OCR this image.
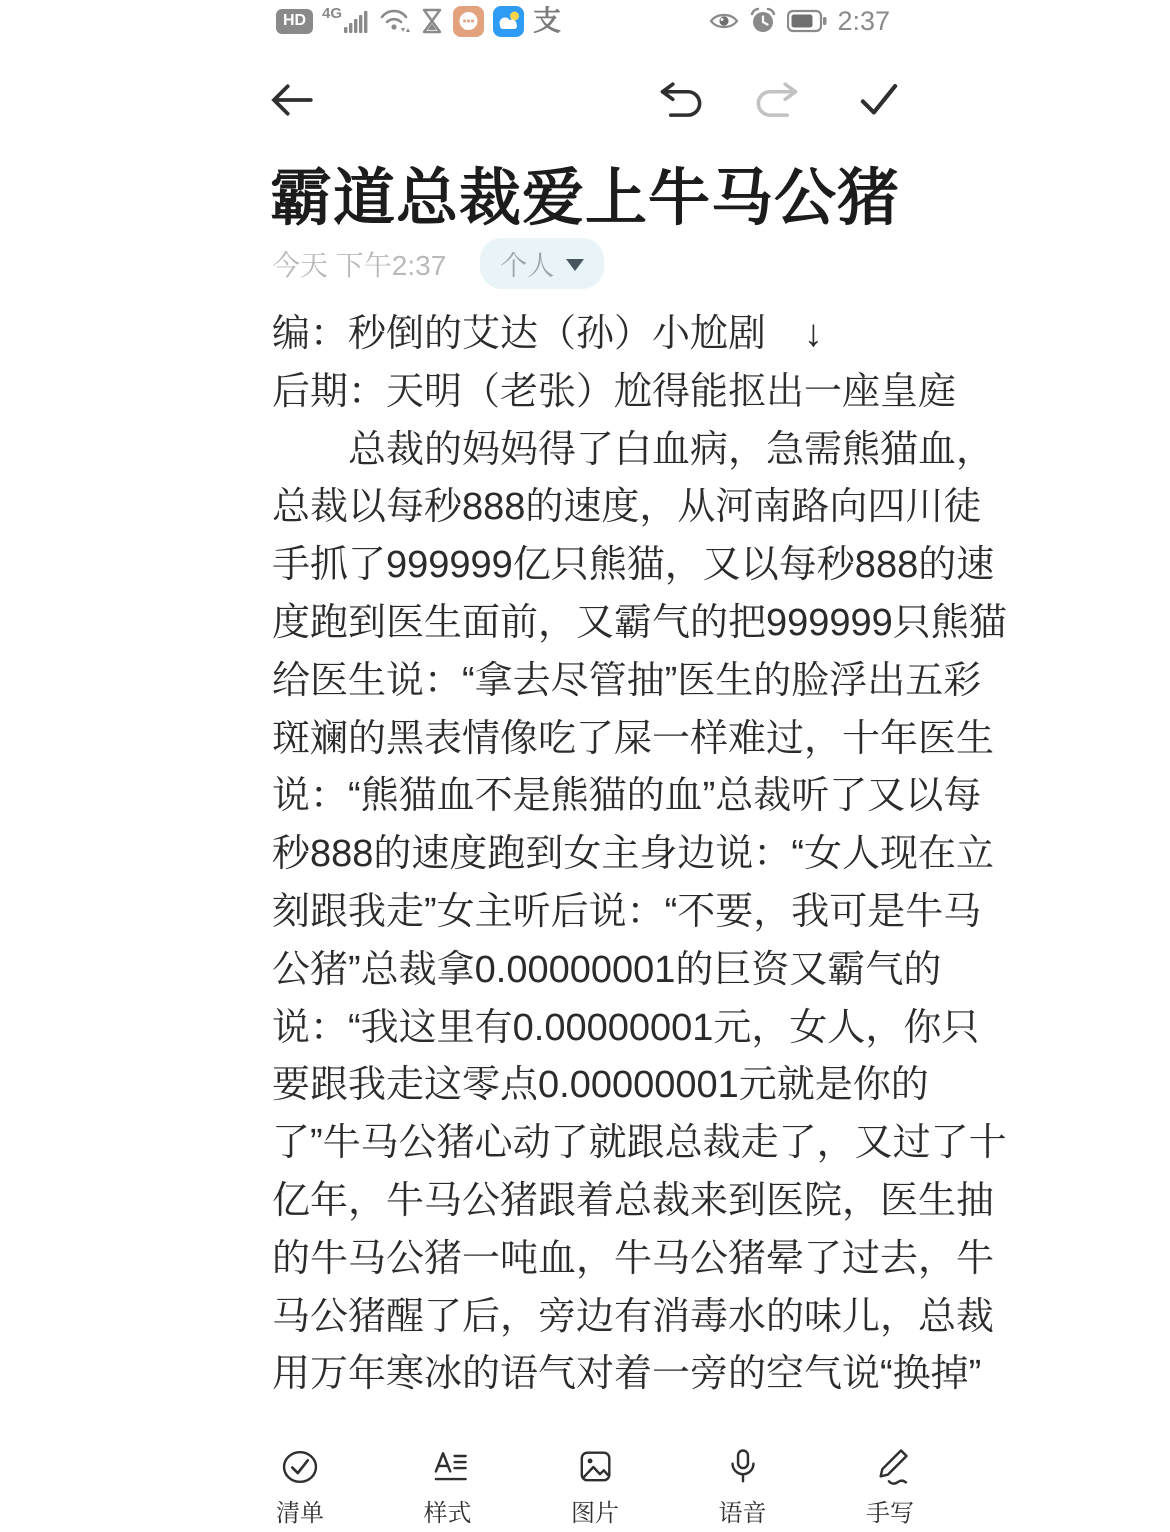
HD	4G	支	2:37
霸道总裁爱上牛马公猪
今天 下午2:37 个人
编：秒倒的艾达（孙）小尬剧　↓
后期：天明（老张）尬得能抠出一座皇庭
　　总裁的妈妈得了白血病，急需熊猫血，
总裁以每秒888的速度，从河南路向四川徒
手抓了999999亿只熊猫，又以每秒888的速
度跑到医生面前，又霸气的把999999只熊猫
给医生说：“拿去尽管抽”医生的脸浮出五彩
斑斓的黑表情像吃了屎一样难过，十年医生
说：“熊猫血不是熊猫的血”总裁听了又以每
秒888的速度跑到女主身边说：“女人现在立
刻跟我走”女主听后说：“不要，我可是牛马
公猪”总裁拿0.00000001的巨资又霸气的
说：“我这里有0.00000001元，女人，你只
要跟我走这零点0.00000001元就是你的
了”牛马公猪心动了就跟总裁走了，又过了十
亿年，牛马公猪跟着总裁来到医院，医生抽
的牛马公猪一吨血，牛马公猪晕了过去，牛
马公猪醒了后，旁边有消毒水的味儿，总裁
用万年寒冰的语气对着一旁的空气说“换掉”
清单	样式	图片	语音	手写
